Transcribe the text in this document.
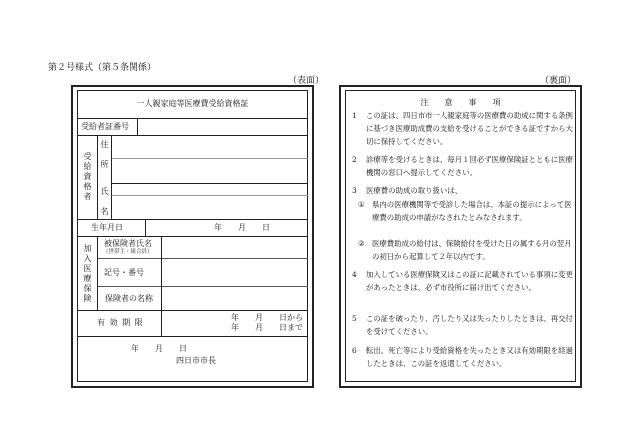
第２号様式（第５条関係）
（表面）	（裏面）
一人親家庭等医療費受給資格証
受給者証番号
受給資格者 住　所
氏　名
生年月日	年　　月　　日
加入医療保険
被保険者氏名
（世帯主・組合員）
記号・番号
保険者の名称
有 効 期 限
年　　月　　日から
年　　月　　日まで
年　　月　　日
四日市市長
注　　意　　事　　項
1 この証は、四日市市一人親家庭等の医療費の助成に関する条例に基づき医療助成費の支給を受けることができる証ですから大切に保持してください。
2 診療等を受けるときは、毎月１回必ず医療保険証とともに医療機関の窓口へ提示してください。
3 医療費の助成の取り扱いは、
① 県内の医療機関等で受診した場合は、本証の提示によって医療費の助成の申請がなされたとみなされます。
② 医療費助成の給付は、保険給付を受けた日の属する月の翌月の初日から起算して２年以内です。
4 加入している医療保険又はこの証に記載されている事項に変更があったときは、必ず市役所に届け出てください。
5 この証を破ったり、汚したり又は失ったりしたときは、再交付を受けてください。
6 転出、死亡等により受給資格を失ったとき又は有効期限を経過したときは、この証を返還してください。
